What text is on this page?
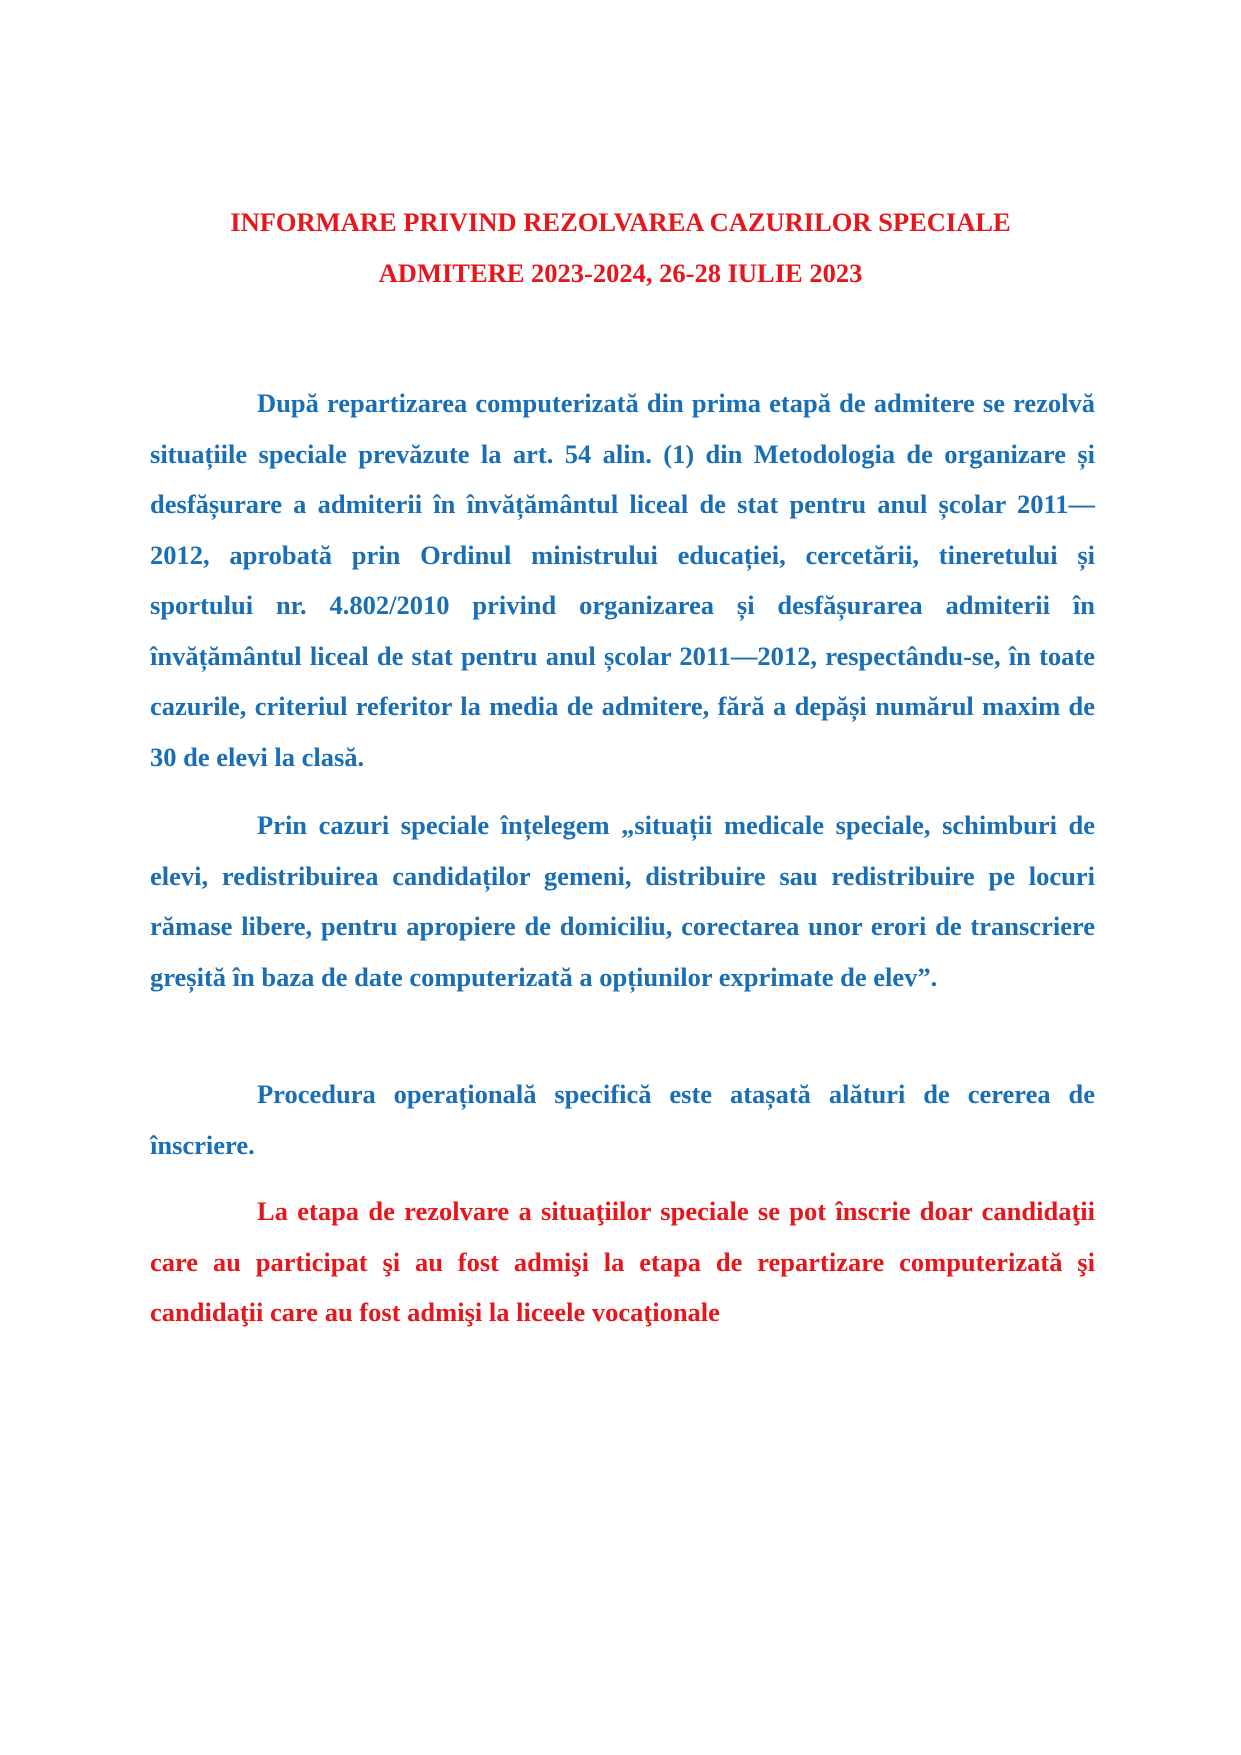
INFORMARE PRIVIND REZOLVAREA CAZURILOR SPECIALE
ADMITERE 2023-2024, 26-28 IULIE 2023

După repartizarea computerizată din prima etapă de admitere se rezolvă situațiile speciale prevăzute la art. 54 alin. (1) din Metodologia de organizare și desfășurare a admiterii în învățământul liceal de stat pentru anul școlar 2011—2012, aprobată prin Ordinul ministrului educației, cercetării, tineretului și sportului nr. 4.802/2010 privind organizarea și desfășurarea admiterii în învățământul liceal de stat pentru anul școlar 2011—2012, respectându-se, în toate cazurile, criteriul referitor la media de admitere, fără a depăși numărul maxim de 30 de elevi la clasă.

Prin cazuri speciale înțelegem „situații medicale speciale, schimburi de elevi, redistribuirea candidaților gemeni, distribuire sau redistribuire pe locuri rămase libere, pentru apropiere de domiciliu, corectarea unor erori de transcriere greșită în baza de date computerizată a opțiunilor exprimate de elev”.

Procedura operațională specifică este atașată alături de cererea de înscriere.

La etapa de rezolvare a situaţiilor speciale se pot înscrie doar candidaţii care au participat şi au fost admişi la etapa de repartizare computerizată şi candidaţii care au fost admişi la liceele vocaţionale
